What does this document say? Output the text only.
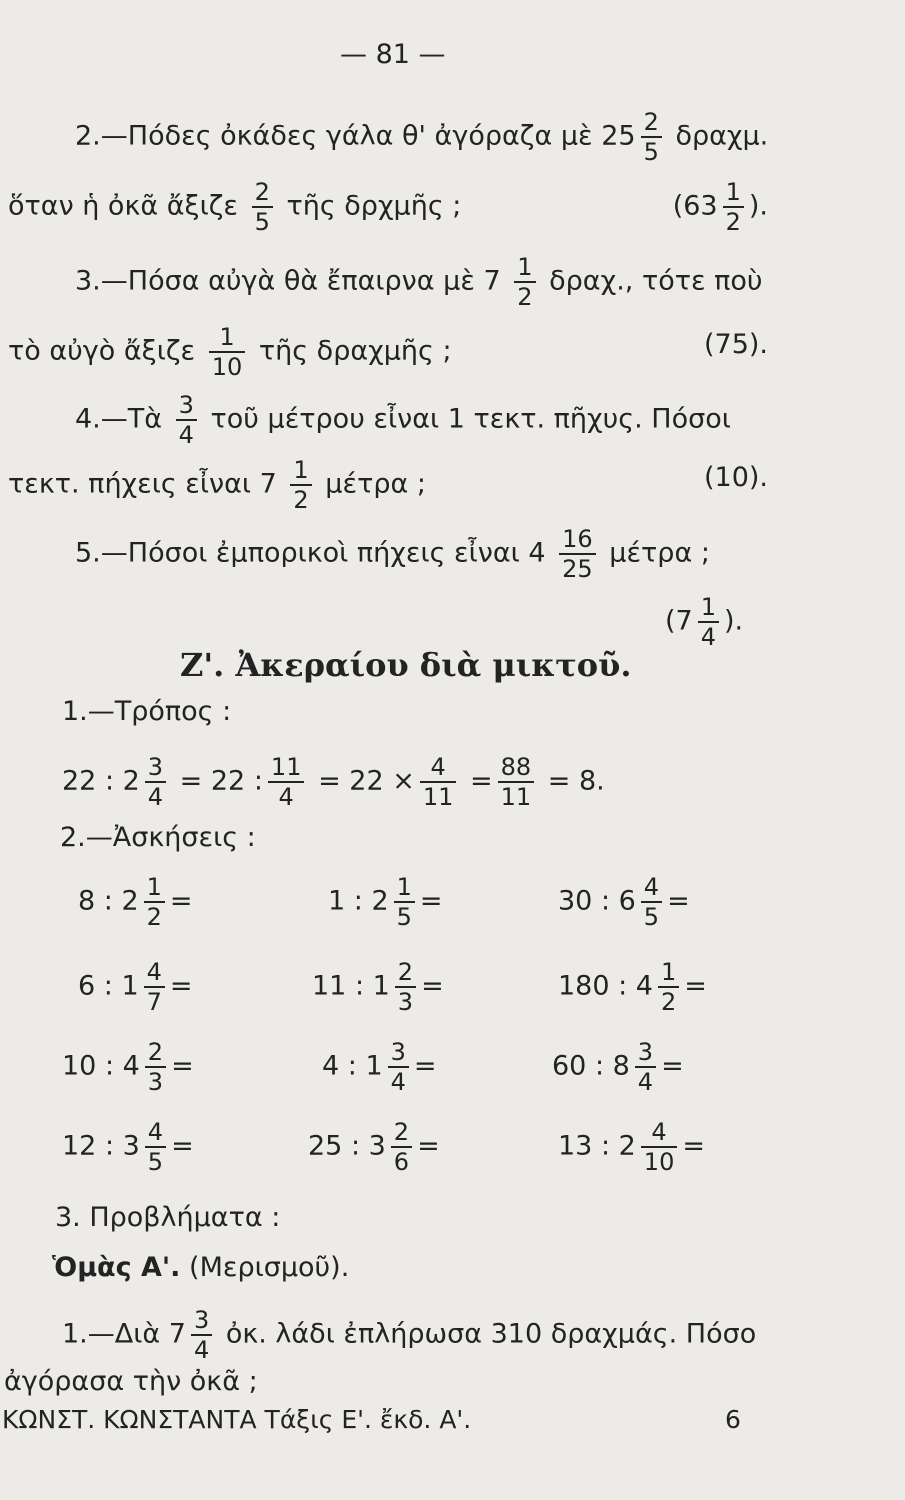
— 81 —
2.—Πόδες ὀκάδες γάλα θ' ἀγόραζα μὲ $25 \frac{2}{5} \delta\rho\alpha\chi\mu$.
ὅταν ἡ ὀκᾶ ἄξιζε $\frac{2}{5}$ τῆς δρχμῆς ;	($63 \frac{1}{2}$ ).
3.—Πόσα αὐγὰ θὰ ἔπαιρνα μὲ $7 \frac{1}{2} \delta\rho\alpha\chi$., τότε ποὺ
τὸ αὐγὸ ἄξιζε $\frac{1}{10}$ τῆς δραχμῆς ;	(75).
4.—Τὰ $\frac{3}{4}$ τοῦ μέτρου εἶναι 1 τεκτ. πῆχυς. Πόσοι
τεκτ. πήχεις εἶναι $7 \frac{1}{2}$ μέτρα ;	(10).
5.—Πόσοι ἐμπορικοὶ πήχεις εἶναι $4 \frac{16}{25}$ μέτρα ;
($7 \frac{1}{4}$ ).
Ζ'. Ἀκεραίου διὰ μικτοῦ.
1.—Τρόπος :
22 : $2 \frac{3}{4} = 22$ : $\frac{11}{4} = 22 \times \frac{4}{11} = \frac{88}{11} = 8$.
2.—Ἀσκήσεις :
8 : $2 \frac{1}{2}$ =	1 : $2 \frac{1}{5}$ =	30 : $6 \frac{4}{5}$ =
6 : $1 \frac{4}{7}$ =	11 : $1 \frac{2}{3}$ =	180 : $4 \frac{1}{2}$ =
10 : $4 \frac{2}{3}$ =	4 : $1 \frac{3}{4}$ =	60 : $8 \frac{3}{4}$ =
12 : $3 \frac{4}{5}$ =	25 : $3 \frac{2}{6}$ =	13 : $2 \frac{4}{10}$ =
3. Προβλήματα :
Ὁμὰς Α'. (Μερισμοῦ).
1.—Διὰ $7 \frac{3}{4}$ ὀκ. λάδι ἐπλήρωσα 310 δραχμάς. Πόσο
ἀγόρασα τὴν ὀκᾶ ;
ΚΩΝΣΤ. ΚΩΝΣΤΑΝΤΑ Τάξις Ε'. ἔκδ. Α'.	6
